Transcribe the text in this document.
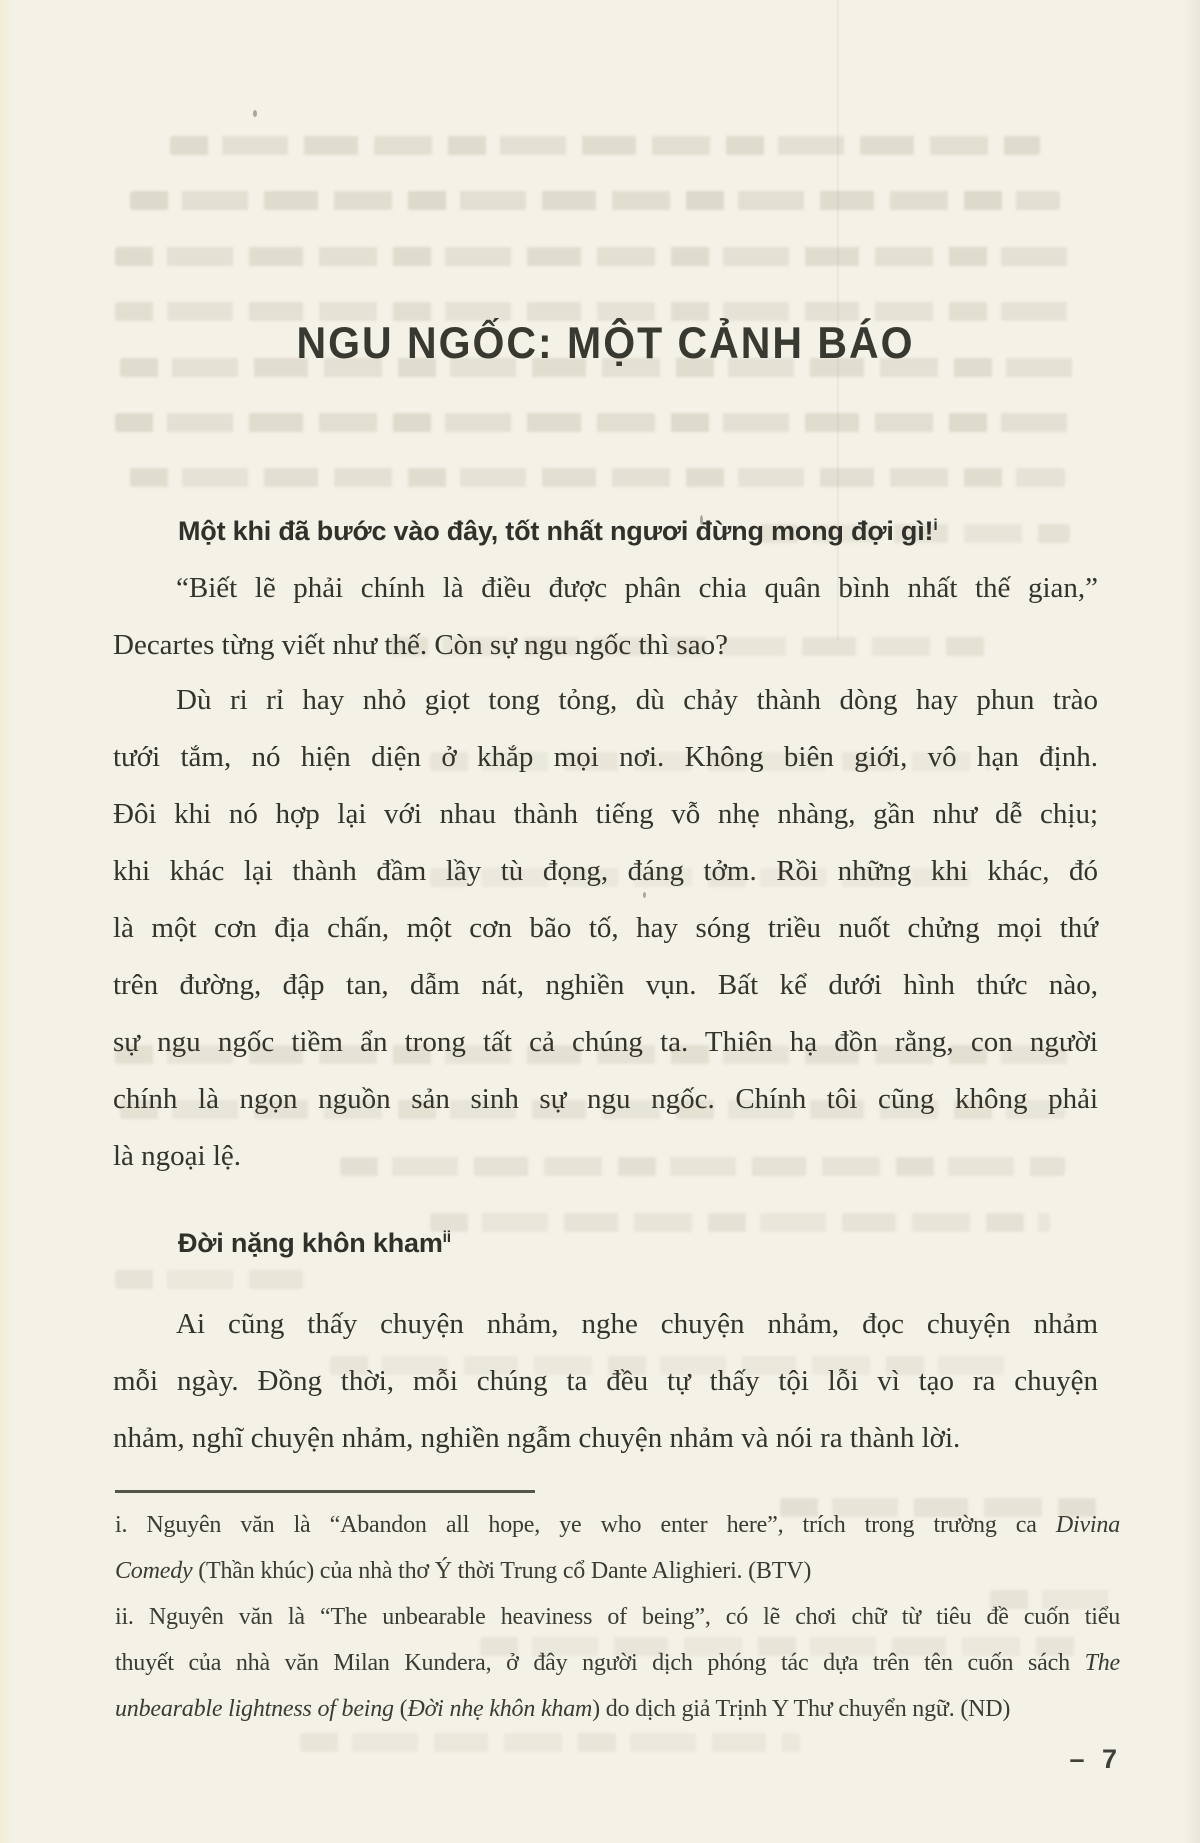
NGU NGỐC: MỘT CẢNH BÁO
Một khi đã bước vào đây, tốt nhất ngươi đừng mong đợi gì!$^i$
“Biết lẽ phải chính là điều được phân chia quân bình nhất thế gian,”
Decartes từng viết như thế. Còn sự ngu ngốc thì sao?
Dù ri rỉ hay nhỏ giọt tong tỏng, dù chảy thành dòng hay phun trào
tưới tắm, nó hiện diện ở khắp mọi nơi. Không biên giới, vô hạn định.
Đôi khi nó hợp lại với nhau thành tiếng vỗ nhẹ nhàng, gần như dễ chịu;
khi khác lại thành đầm lầy tù đọng, đáng tởm. Rồi những khi khác, đó
là một cơn địa chấn, một cơn bão tố, hay sóng triều nuốt chửng mọi thứ
trên đường, đập tan, dẫm nát, nghiền vụn. Bất kể dưới hình thức nào,
sự ngu ngốc tiềm ẩn trong tất cả chúng ta. Thiên hạ đồn rằng, con người
chính là ngọn nguồn sản sinh sự ngu ngốc. Chính tôi cũng không phải
là ngoại lệ.
Đời nặng khôn kham$^{ii}$
Ai cũng thấy chuyện nhảm, nghe chuyện nhảm, đọc chuyện nhảm
mỗi ngày. Đồng thời, mỗi chúng ta đều tự thấy tội lỗi vì tạo ra chuyện
nhảm, nghĩ chuyện nhảm, nghiền ngẫm chuyện nhảm và nói ra thành lời.
i. Nguyên văn là “Abandon all hope, ye who enter here”, trích trong trường ca Divina
Comedy (Thần khúc) của nhà thơ Ý thời Trung cổ Dante Alighieri. (BTV)
ii. Nguyên văn là “The unbearable heaviness of being”, có lẽ chơi chữ từ tiêu đề cuốn tiểu
thuyết của nhà văn Milan Kundera, ở đây người dịch phóng tác dựa trên tên cuốn sách The
unbearable lightness of being (Đời nhẹ khôn kham) do dịch giả Trịnh Y Thư chuyển ngữ. (ND)
– 7
